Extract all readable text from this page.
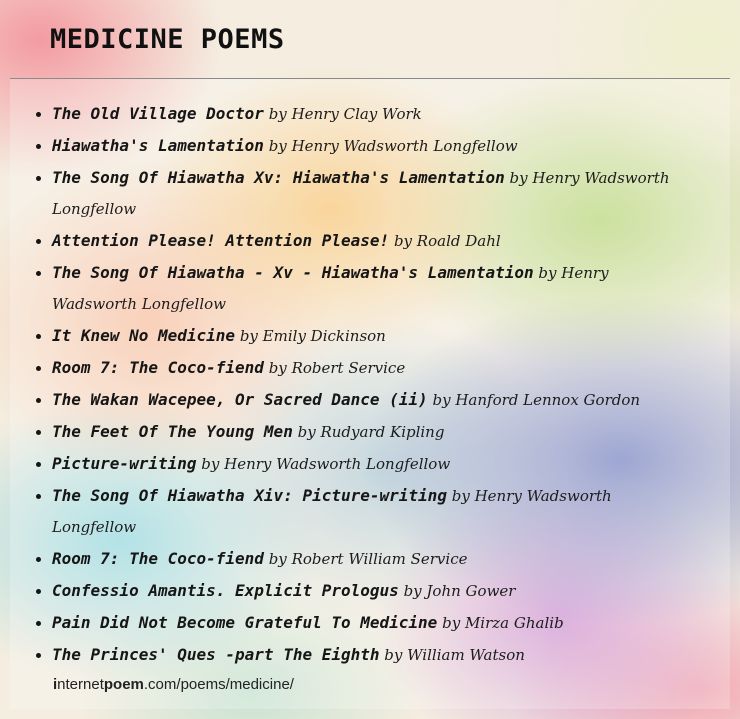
MEDICINE POEMS
• The Old Village Doctor by Henry Clay Work
• Hiawatha's Lamentation by Henry Wadsworth Longfellow
• The Song Of Hiawatha Xv: Hiawatha's Lamentation by Henry Wadsworth Longfellow
• Attention Please! Attention Please! by Roald Dahl
• The Song Of Hiawatha - Xv - Hiawatha's Lamentation by Henry Wadsworth Longfellow
• It Knew No Medicine by Emily Dickinson
• Room 7: The Coco-fiend by Robert Service
• The Wakan Wacepee, Or Sacred Dance (ii) by Hanford Lennox Gordon
• The Feet Of The Young Men by Rudyard Kipling
• Picture-writing by Henry Wadsworth Longfellow
• The Song Of Hiawatha Xiv: Picture-writing by Henry Wadsworth Longfellow
• Room 7: The Coco-fiend by Robert William Service
• Confessio Amantis. Explicit Prologus by John Gower
• Pain Did Not Become Grateful To Medicine by Mirza Ghalib
• The Princes' Ques -part The Eighth by William Watson
internetpoem.com/poems/medicine/
